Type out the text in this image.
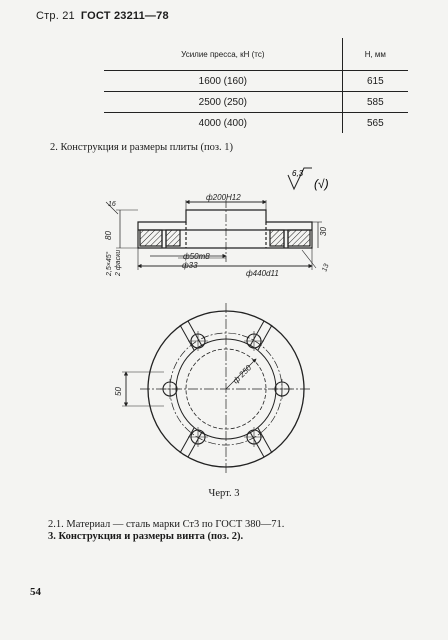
Стр. 21 ГОСТ 23211—78
Усилие пресса, кН (тс)	H, мм
1600 (160)	615
2500 (250)	585
4000 (400)	565
2. Конструкция и размеры плиты (поз. 1)
6,3
(√)
ф200Н12
ф440d11
ф33
ф50m8
16
80	30
2,5×45° 2 фаски	13
ф 250
50
Черт. 3
2.1. Материал — сталь марки Ст3 по ГОСТ 380—71.
3. Конструкция и размеры винта (поз. 2).
54
